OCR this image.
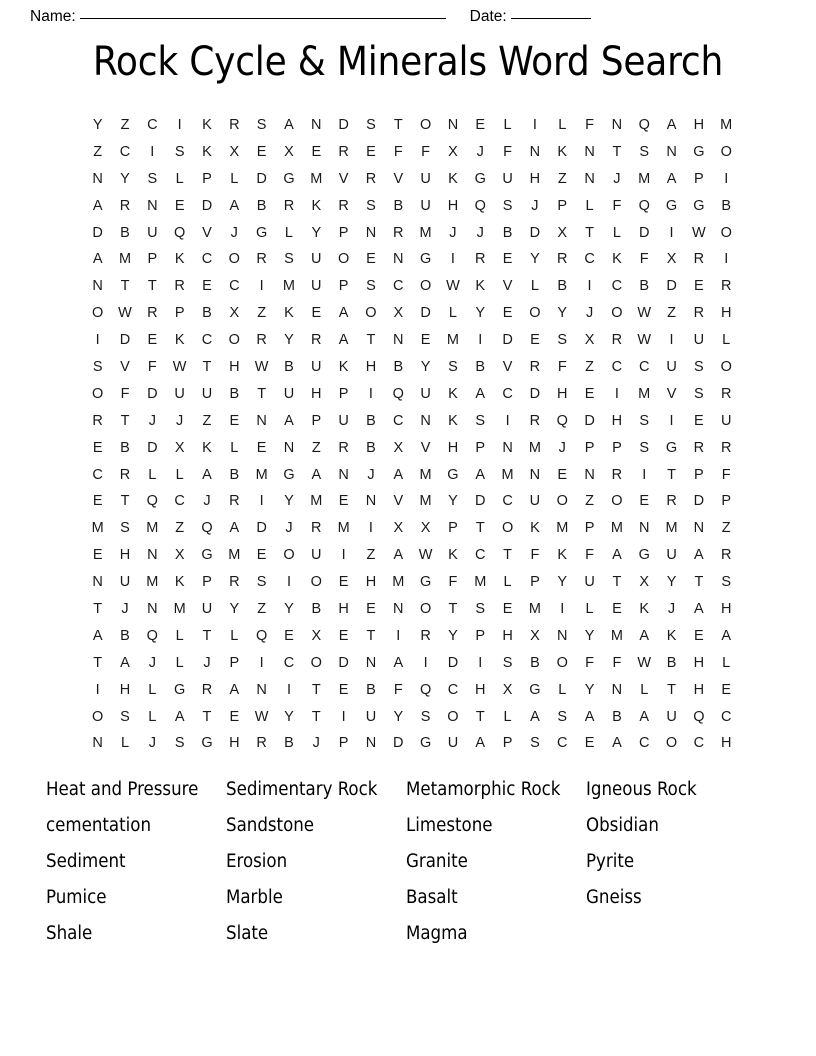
Name:	Date:
Rock Cycle & Minerals Word Search
Y	Z	C	I	K	R	S	A	N	D	S	T	O	N	E	L	I	L	F	N	Q	A	H	M
Z	C	I	S	K	X	E	X	E	R	E	F	F	X	J	F	N	K	N	T	S	N	G	O
N	Y	S	L	P	L	D	G	M	V	R	V	U	K	G	U	H	Z	N	J	M	A	P	I
A	R	N	E	D	A	B	R	K	R	S	B	U	H	Q	S	J	P	L	F	Q	G	G	B
D	B	U	Q	V	J	G	L	Y	P	N	R	M	J	J	B	D	X	T	L	D	I	W	O
A	M	P	K	C	O	R	S	U	O	E	N	G	I	R	E	Y	R	C	K	F	X	R	I
N	T	T	R	E	C	I	M	U	P	S	C	O	W	K	V	L	B	I	C	B	D	E	R
O	W	R	P	B	X	Z	K	E	A	O	X	D	L	Y	E	O	Y	J	O	W	Z	R	H
I	D	E	K	C	O	R	Y	R	A	T	N	E	M	I	D	E	S	X	R	W	I	U	L
S	V	F	W	T	H	W	B	U	K	H	B	Y	S	B	V	R	F	Z	C	C	U	S	O
O	F	D	U	U	B	T	U	H	P	I	Q	U	K	A	C	D	H	E	I	M	V	S	R
R	T	J	J	Z	E	N	A	P	U	B	C	N	K	S	I	R	Q	D	H	S	I	E	U
E	B	D	X	K	L	E	N	Z	R	B	X	V	H	P	N	M	J	P	P	S	G	R	R
C	R	L	L	A	B	M	G	A	N	J	A	M	G	A	M	N	E	N	R	I	T	P	F
E	T	Q	C	J	R	I	Y	M	E	N	V	M	Y	D	C	U	O	Z	O	E	R	D	P
M	S	M	Z	Q	A	D	J	R	M	I	X	X	P	T	O	K	M	P	M	N	M	N	Z
E	H	N	X	G	M	E	O	U	I	Z	A	W	K	C	T	F	K	F	A	G	U	A	R
N	U	M	K	P	R	S	I	O	E	H	M	G	F	M	L	P	Y	U	T	X	Y	T	S
T	J	N	M	U	Y	Z	Y	B	H	E	N	O	T	S	E	M	I	L	E	K	J	A	H
A	B	Q	L	T	L	Q	E	X	E	T	I	R	Y	P	H	X	N	Y	M	A	K	E	A
T	A	J	L	J	P	I	C	O	D	N	A	I	D	I	S	B	O	F	F	W	B	H	L
I	H	L	G	R	A	N	I	T	E	B	F	Q	C	H	X	G	L	Y	N	L	T	H	E
O	S	L	A	T	E	W	Y	T	I	U	Y	S	O	T	L	A	S	A	B	A	U	Q	C
N	L	J	S	G	H	R	B	J	P	N	D	G	U	A	P	S	C	E	A	C	O	C	H
Heat and Pressure	Sedimentary Rock	Metamorphic Rock	Igneous Rock
cementation	Sandstone	Limestone	Obsidian
Sediment	Erosion	Granite	Pyrite
Pumice	Marble	Basalt	Gneiss
Shale	Slate	Magma
